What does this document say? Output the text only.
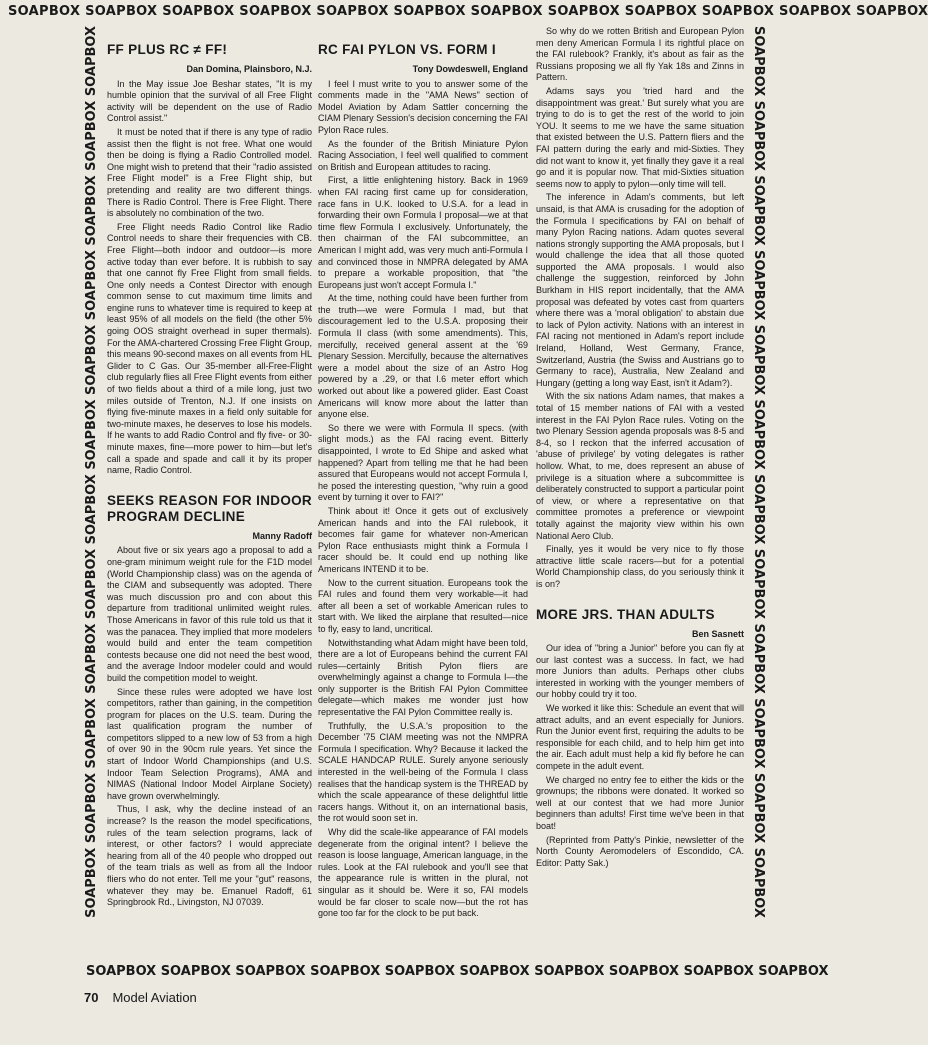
SOAPBOX SOAPBOX SOAPBOX SOAPBOX SOAPBOX SOAPBOX SOAPBOX SOAPBOX SOAPBOX SOAPBOX SOAPBOX SOAPBOX
SOAPBOX SOAPBOX SOAPBOX SOAPBOX SOAPBOX SOAPBOX SOAPBOX SOAPBOX SOAPBOX SOAPBOX SOAPBOX SOAPBOX	SOAPBOX SOAPBOX SOAPBOX SOAPBOX SOAPBOX SOAPBOX SOAPBOX SOAPBOX SOAPBOX SOAPBOX SOAPBOX SOAPBOX
SOAPBOX SOAPBOX SOAPBOX SOAPBOX SOAPBOX SOAPBOX SOAPBOX SOAPBOX SOAPBOX SOAPBOX
FF PLUS RC ≠ FF!
Dan Domina, Plainsboro, N.J.

In the May issue Joe Beshar states, "It is my humble opinion that the survival of all Free Flight activity will be dependent on the use of Radio Control assist."

It must be noted that if there is any type of radio assist then the flight is not free. What one would then be doing is flying a Radio Controlled model. One might wish to pretend that their "radio assisted Free Flight model" is a Free Flight ship, but pretending and reality are two different things. There is Radio Control. There is Free Flight. There is absolutely no combination of the two.

Free Flight needs Radio Control like Radio Control needs to share their frequencies with CB. Free Flight—both indoor and outdoor—is more active today than ever before. It is rubbish to say that one cannot fly Free Flight from small fields. One only needs a Contest Director with enough common sense to cut maximum time limits and engine runs to whatever time is required to keep at least 95% of all models on the field (the other 5% going OOS straight overhead in super thermals). For the AMA-chartered Crossing Free Flight Group, this means 90-second maxes on all events from HL Glider to C Gas. Our 35-member all-Free-Flight club regularly flies all Free Flight events from either of two fields about a third of a mile long, just two miles outside of Trenton, N.J. If one insists on flying five-minute maxes in a field only suitable for two-minute maxes, he deserves to lose his models. If he wants to add Radio Control and fly five- or 30-minute maxes, fine—more power to him—but let's call a spade and spade and call it by its proper name, Radio Control.

SEEKS REASON FOR INDOOR PROGRAM DECLINE
Manny Radoff

About five or six years ago a proposal to add a one-gram minimum weight rule for the F1D model (World Championship class) was on the agenda of the CIAM and subsequently was adopted. There was much discussion pro and con about this departure from traditional unlimited weight rules. Those Americans in favor of this rule told us that it was the panacea. They implied that more modelers would build and enter the team competition contests because one did not need the best wood, and the average Indoor modeler could and would build the competition model to weight.

Since these rules were adopted we have lost competitors, rather than gaining, in the competition program for places on the U.S. team. During the last qualification program the number of competitors slipped to a new low of 53 from a high of over 90 in the 90cm rule years. Yet since the start of Indoor World Championships (and U.S. Indoor Team Selection Programs), AMA and NIMAS (National Indoor Model Airplane Society) have grown overwhelmingly.

Thus, I ask, why the decline instead of an increase? Is the reason the model specifications, rules of the team selection programs, lack of interest, or other factors? I would appreciate hearing from all of the 40 people who dropped out of the team trials as well as from all the Indoor fliers who do not enter. Tell me your "gut" reasons, whatever they may be. Emanuel Radoff, 61 Springbrook Rd., Livingston, NJ 07039.

RC FAI PYLON VS. FORM I
Tony Dowdeswell, England

I feel I must write to you to answer some of the comments made in the "AMA News" section of Model Aviation by Adam Sattler concerning the CIAM Plenary Session's decision concerning the FAI Pylon Race rules.

As the founder of the British Miniature Pylon Racing Association, I feel well qualified to comment on British and European attitudes to racing.

First, a little enlightening history. Back in 1969 when FAI racing first came up for consideration, race fans in U.K. looked to U.S.A. for a lead in forwarding their own Formula I proposal—we at that time flew Formula I exclusively. Unfortunately, the then chairman of the FAI subcommittee, an American I might add, was very much anti-Formula I and convinced those in NMPRA delegated by AMA to prepare a workable proposition, that "the Europeans just won't accept Formula I."

At the time, nothing could have been further from the truth—we were Formula I mad, but that discouragement led to the U.S.A. proposing their Formula II class (with some amendments). This, mercifully, received general assent at the '69 Plenary Session. Mercifully, because the alternatives were a model about the size of an Astro Hog powered by a .29, or that I.6 meter effort which worked out about like a powered glider. East Coast Americans will know more about the latter than anyone else.

So there we were with Formula II specs. (with slight mods.) as the FAI racing event. Bitterly disappointed, I wrote to Ed Shipe and asked what happened? Apart from telling me that he had been assured that Europeans would not accept Formula I, he posed the interesting question, "why ruin a good event by turning it over to FAI?"

Think about it! Once it gets out of exclusively American hands and into the FAI rulebook, it becomes fair game for whatever non-American Pylon Race enthusiasts might think a Formula I racer should be. It could end up nothing like Americans INTEND it to be.

Now to the current situation. Europeans took the FAI rules and found them very workable—it had after all been a set of workable American rules to start with. We liked the airplane that resulted—nice to fly, easy to land, uncritical.

Notwithstanding what Adam might have been told, there are a lot of Europeans behind the current FAI rules—certainly British Pylon fliers are overwhelmingly against a change to Formula I—the only supporter is the British FAI Pylon Committee delegate—which makes me wonder just how representative the FAI Pylon Committee really is.

Truthfully, the U.S.A.'s proposition to the December '75 CIAM meeting was not the NMPRA Formula I specification. Why? Because it lacked the SCALE HANDCAP RULE. Surely anyone seriously interested in the well-being of the Formula I class realises that the handicap system is the THREAD by which the scale appearance of these delightful little racers hangs. Without it, on an international basis, the rot would soon set in.

Why did the scale-like appearance of FAI models degenerate from the original intent? I believe the reason is loose language, American language, in the rules. Look at the FAI rulebook and you'll see that the appearance rule is written in the plural, not singular as it should be. Were it so, FAI models would be far closer to scale now—but the rot has gone too far for the clock to be put back.

So why do we rotten British and European Pylon men deny American Formula I its rightful place on the FAI rulebook? Frankly, it's about as fair as the Russians proposing we all fly Yak 18s and Zinns in Pattern.

Adams says you 'tried hard and the disappointment was great.' But surely what you are trying to do is to get the rest of the world to join YOU. It seems to me we have the same situation that existed between the U.S. Pattern fliers and the FAI pattern during the early and mid-Sixties. They did not want to know it, yet finally they gave it a real go and it is popular now. That mid-Sixties situation seems now to apply to pylon—only time will tell.

The inference in Adam's comments, but left unsaid, is that AMA is crusading for the adoption of the Formula I specifications by FAI on behalf of many Pylon Racing nations. Adam quotes several nations strongly supporting the AMA proposals, but I would challenge the idea that all those quoted supported the AMA proposals. I would also challenge the suggestion, reinforced by John Burkham in HIS report incidentally, that the AMA proposal was defeated by votes cast from quarters where there was a 'moral obligation' to abstain due to lack of Pylon activity. Nations with an interest in FAI racing not mentioned in Adam's report include Ireland, Holland, West Germany, France, Switzerland, Austria (the Swiss and Austrians go to Germany to race), Australia, New Zealand and Hungary (getting a long way East, isn't it Adam?).

With the six nations Adam names, that makes a total of 15 member nations of FAI with a vested interest in the FAI Pylon Race rules. Voting on the two Plenary Session agenda proposals was 8-5 and 8-4, so I reckon that the inferred accusation of 'abuse of privilege' by voting delegates is rather hollow. What, to me, does represent an abuse of privilege is a situation where a subcommittee is deliberately constructed to support a particular point of view, or where a representative on that committee promotes a preference or viewpoint totally against the majority view within his own National Aero Club.

Finally, yes it would be very nice to fly those attractive little scale racers—but for a potential World Championship class, do you seriously think it is on?

MORE JRS. THAN ADULTS
Ben Sasnett

Our idea of "bring a Junior" before you can fly at our last contest was a success. In fact, we had more Juniors than adults. Perhaps other clubs interested in working with the younger members of our hobby could try it too.

We worked it like this: Schedule an event that will attract adults, and an event especially for Juniors. Run the Junior event first, requiring the adults to be responsible for each child, and to help him get into the air. Each adult must help a kid fly before he can compete in the adult event.

We charged no entry fee to either the kids or the grownups; the ribbons were donated. It worked so well at our contest that we had more Junior beginners than adults! First time we've been in that boat!

(Reprinted from Patty's Pinkie, newsletter of the North County Aeromodelers of Escondido, CA. Editor: Patty Sak.)

70 Model Aviation
